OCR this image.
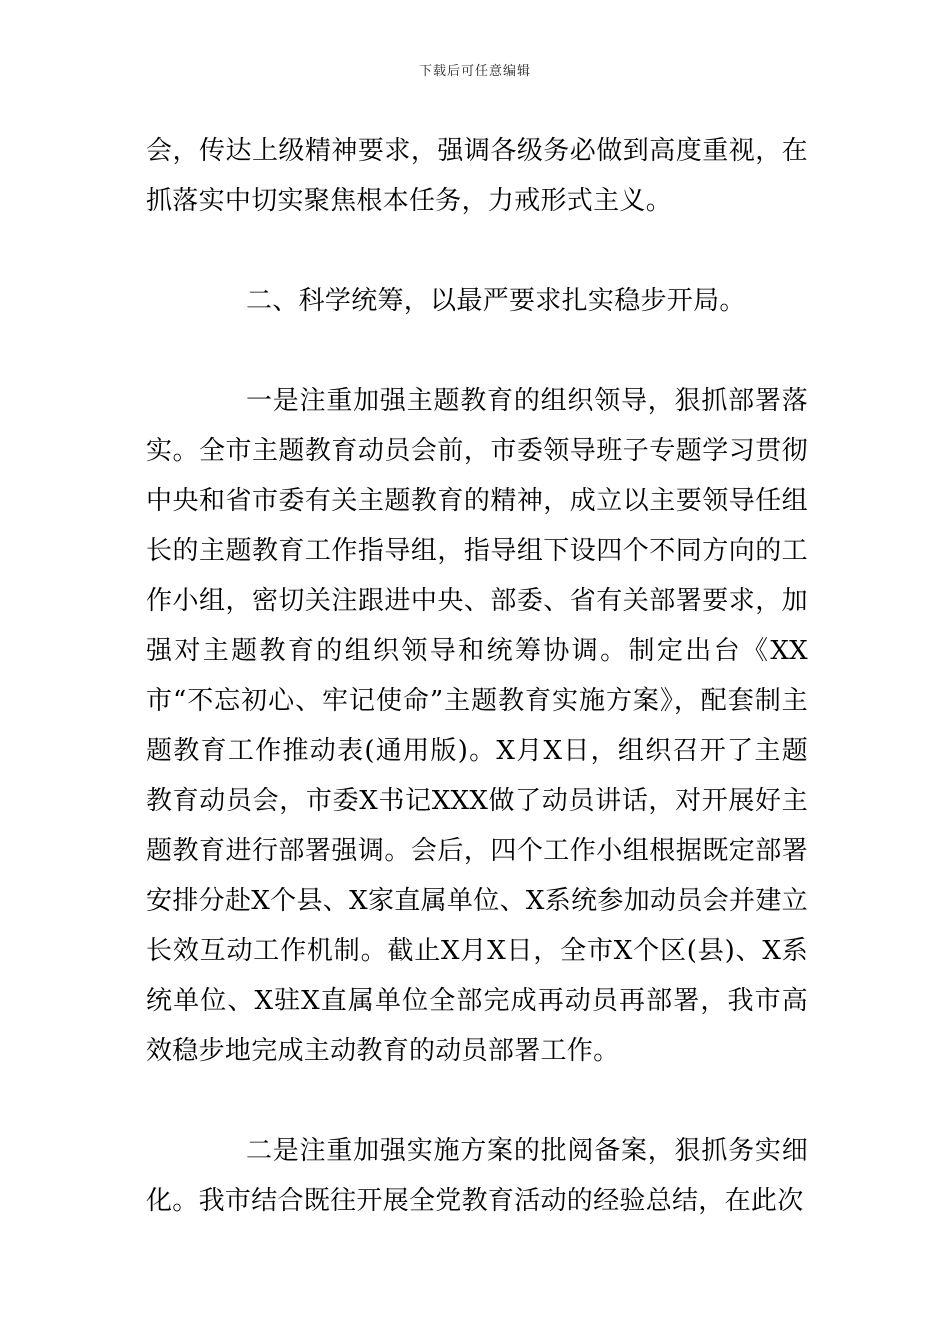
下载后可任意编辑

会，传达上级精神要求，强调各级务必做到高度重视，在抓落实中切实聚焦根本任务，力戒形式主义。

二、科学统筹，以最严要求扎实稳步开局。

一是注重加强主题教育的组织领导，狠抓部署落实。全市主题教育动员会前，市委领导班子专题学习贯彻中央和省市委有关主题教育的精神，成立以主要领导任组长的主题教育工作指导组，指导组下设四个不同方向的工作小组，密切关注跟进中央、部委、省有关部署要求，加强对主题教育的组织领导和统筹协调。制定出台《XX市“不忘初心、牢记使命”主题教育实施方案》，配套制主题教育工作推动表(通用版)。X月X日，组织召开了主题教育动员会，市委X书记XXX做了动员讲话，对开展好主题教育进行部署强调。会后，四个工作小组根据既定部署安排分赴X个县、X家直属单位、X系统参加动员会并建立长效互动工作机制。截止X月X日，全市X个区(县)、X系统单位、X驻X直属单位全部完成再动员再部署，我市高效稳步地完成主动教育的动员部署工作。

二是注重加强实施方案的批阅备案，狠抓务实细化。我市结合既往开展全党教育活动的经验总结，在此次
